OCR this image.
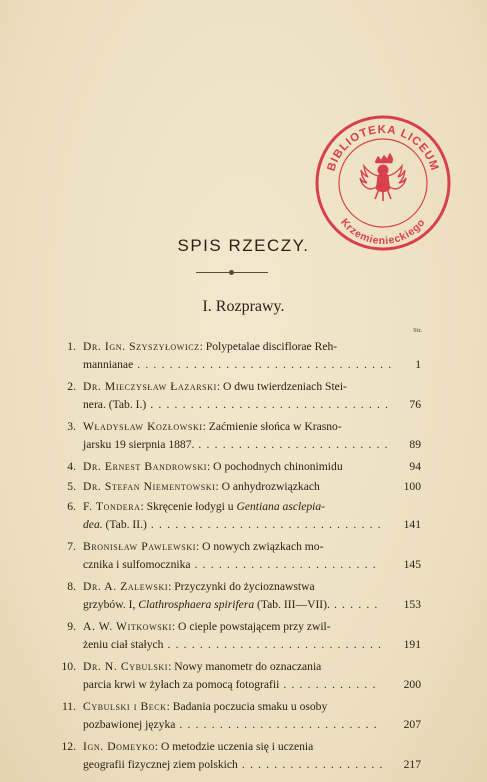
BIBLIOTEKA LICEUM
Krzemienieckiego
SPIS RZECZY.
I. Rozprawy.
Str.
1. Dr. Ign. Szyszyłowicz: Polypetalae disciflorae Reh-
mannianae ................................	1
2. Dr. Mieczysław Łazarski: O dwu twierdzeniach Stei-
nera. (Tab. I.) ..............................	76
3. Władysław Kozłowski: Zaćmienie słońca w Krasno-
jarsku 19 sierpnia 1887. ........................	89
4. Dr. Ernest Bandrowski: O pochodnych chinonimidu	94
5. Dr. Stefan Niementowski: O anhydrozwiązkach	100
6. F. Tondera: Skręcenie łodygi u Gentiana asclepia-
dea. (Tab. II.) .............................	141
7. Bronisław Pawlewski: O nowych związkach mo-
cznika i sulfomocznika .......................	145
8. Dr. A. Zalewski: Przyczynki do życioznawstwa
grzybów. I, Clathrosphaera spirifera (Tab. III—VII). ......	153
9. A. W. Witkowski: O cieple powstającem przy zwil-
żeniu ciał stałych ...........................	191
10. Dr. N. Cybulski: Nowy manometr do oznaczania
parcia krwi w żyłach za pomocą fotografii ............	200
11. Cybulski i Beck: Badania poczucia smaku u osoby
pozbawionej języka .........................	207
12. Ign. Domeyko: O metodzie uczenia się i uczenia
geografii fizycznej ziem polskich ..................	217
